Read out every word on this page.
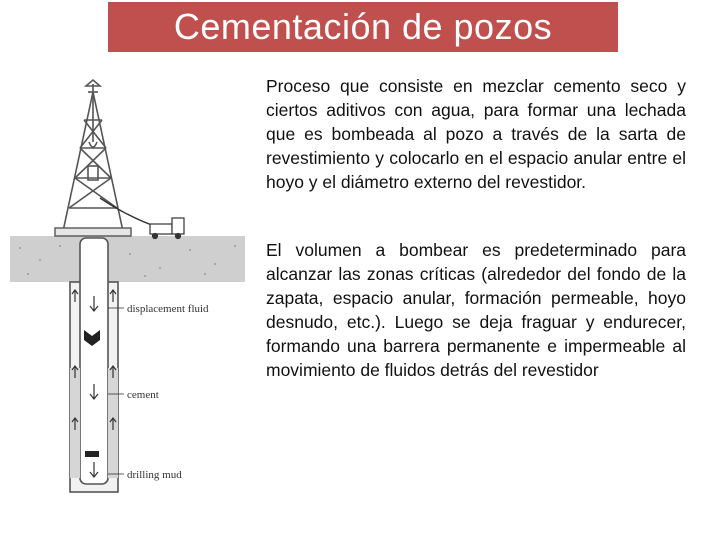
Cementación de pozos
displacement fluid
cement
drilling mud

Proceso que consiste en mezclar cemento seco y ciertos aditivos con agua, para formar una lechada que es bombeada al pozo a través de la sarta de revestimiento y colocarlo en el espacio anular entre el hoyo y el diámetro externo del revestidor.

El volumen a bombear es predeterminado para alcanzar las zonas críticas (alrededor del fondo de la zapata, espacio anular, formación permeable, hoyo desnudo, etc.). Luego se deja fraguar y endurecer, formando una barrera permanente e impermeable al movimiento de fluidos detrás del revestidor
